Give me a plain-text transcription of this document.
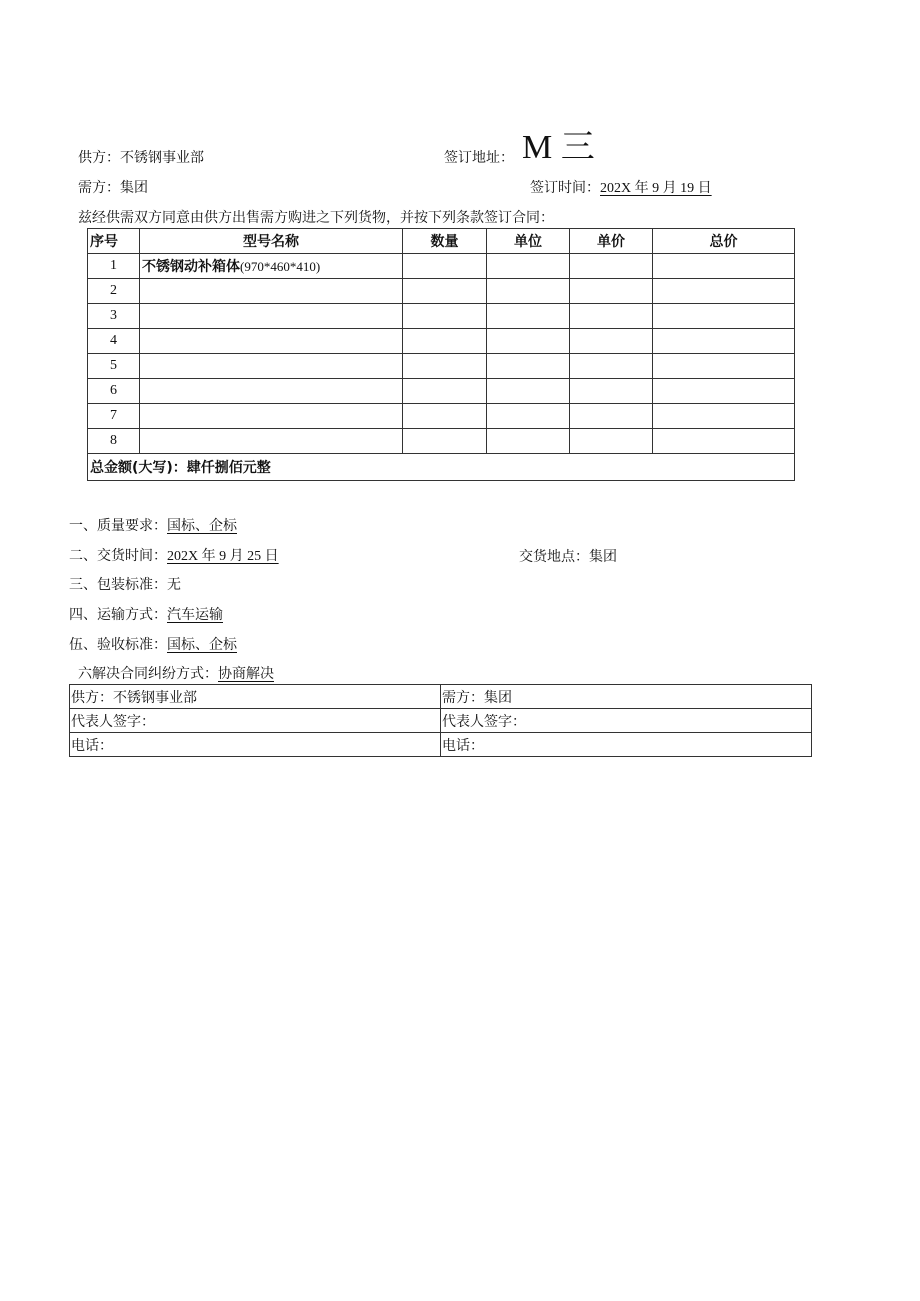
供方：不锈钢事业部	签订地址： M 三
需方：集团	签订时间：202X 年 9 月 19 日
兹经供需双方同意由供方出售需方购进之下列货物，并按下列条款签订合同：
序号	型号名称	数量	单位	单价	总价
1	不锈钢动补箱体(970*460*410)				
2					
3					
4					
5					
6					
7					
8					
总金额(大写)：肆仟捌佰元整					
一、质量要求：国标、企标
二、交货时间：202X 年 9 月 25 日	交货地点：集团
三、包装标准：无
四、运输方式：汽车运输
伍、验收标准：国标、企标
六解决合同纠纷方式：协商解决
供方：不锈钢事业部	需方：集团
代表人签字：	代表人签字：
电话：	电话：
